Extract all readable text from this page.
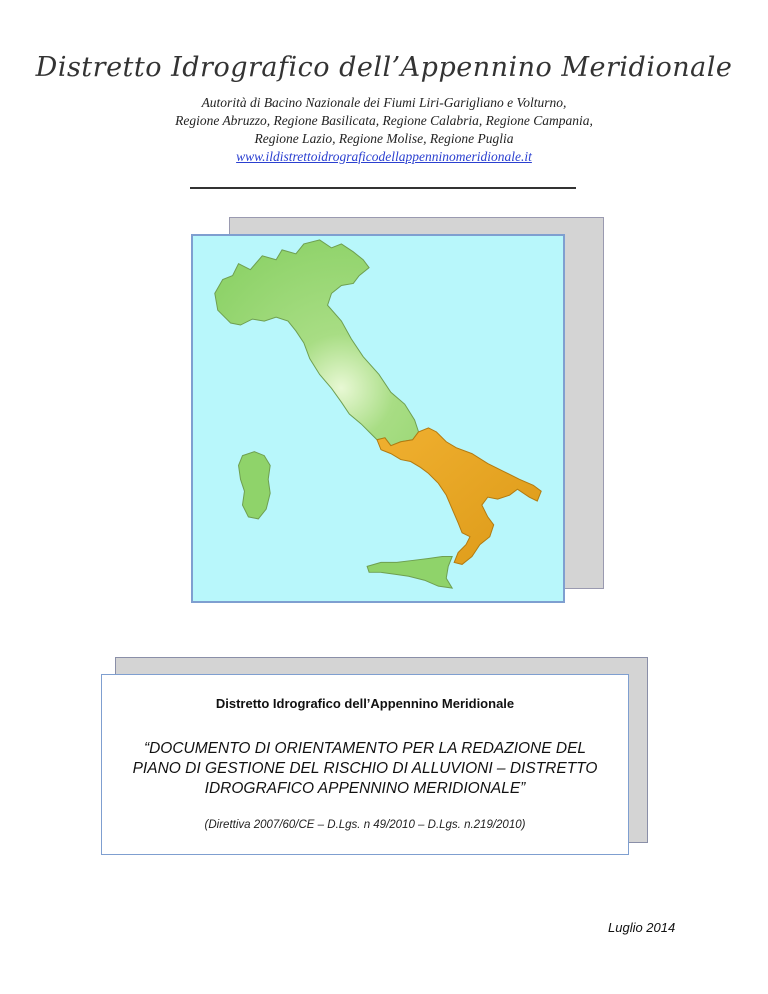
Distretto Idrografico dell’Appennino Meridionale
Autorità di Bacino Nazionale dei Fiumi Liri-Garigliano e Volturno,
Regione Abruzzo, Regione Basilicata, Regione Calabria, Regione Campania,
Regione Lazio, Regione Molise, Regione Puglia
www.ildistrettoidrograficodellappenninomeridionale.it
Distretto Idrografico dell’Appennino Meridionale
“DOCUMENTO DI ORIENTAMENTO PER LA REDAZIONE DEL
PIANO DI GESTIONE DEL RISCHIO DI ALLUVIONI – DISTRETTO
IDROGRAFICO APPENNINO MERIDIONALE”
(Direttiva 2007/60/CE – D.Lgs. n 49/2010 – D.Lgs. n.219/2010)
Luglio 2014
